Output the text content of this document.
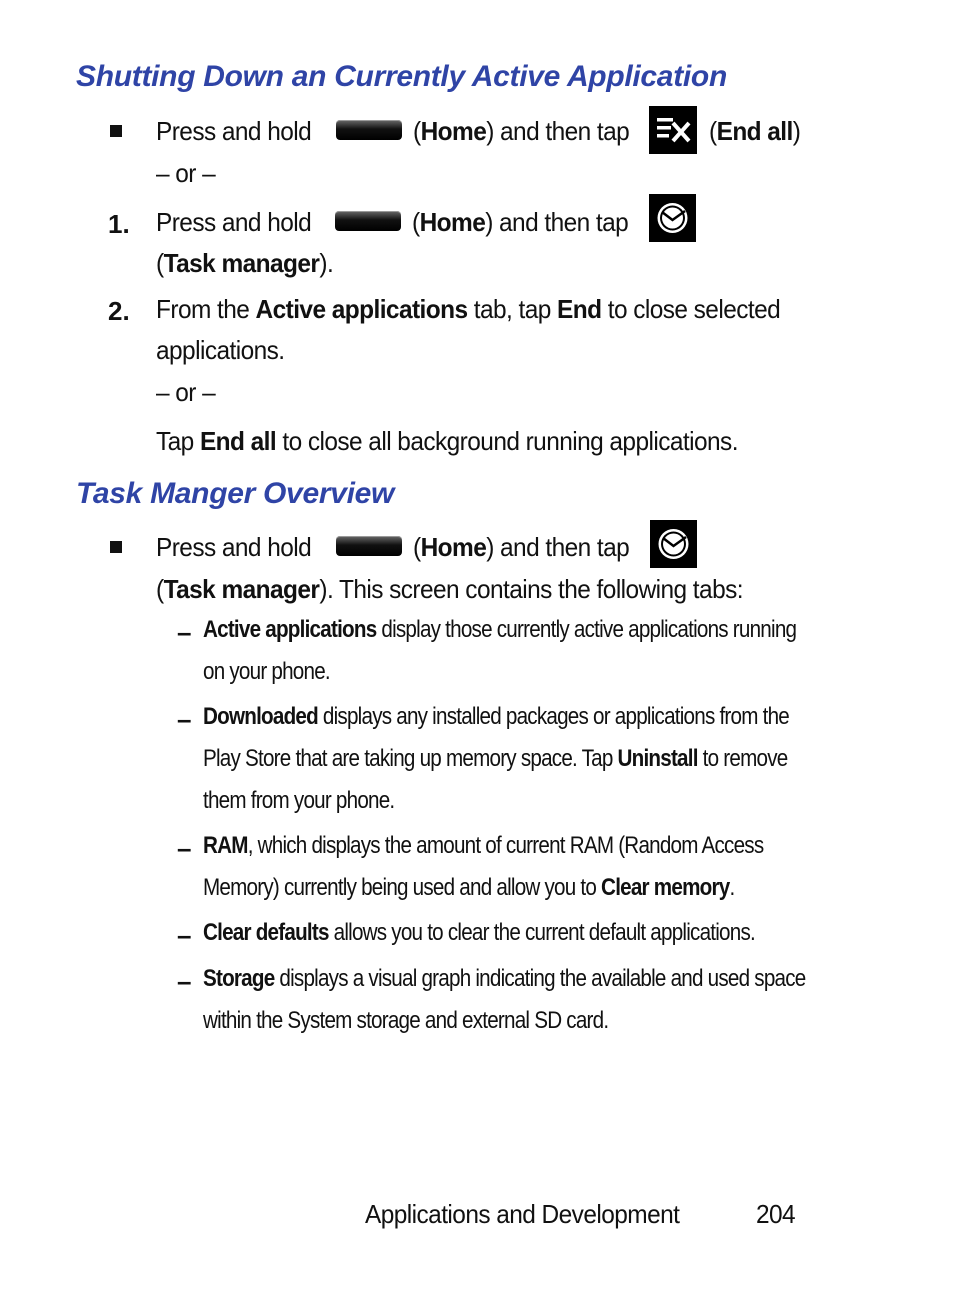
Shutting Down an Currently Active Application
Press and hold	(Home) and then tap	(End all)
– or –
1. Press and hold	(Home) and then tap
(Task manager).
2. From the Active applications tab, tap End to close selected
applications.
– or –
Tap End all to close all background running applications.
Task Manger Overview
Press and hold	(Home) and then tap
(Task manager). This screen contains the following tabs:
– Active applications display those currently active applications running
on your phone.
– Downloaded displays any installed packages or applications from the
Play Store that are taking up memory space. Tap Uninstall to remove
them from your phone.
– RAM, which displays the amount of current RAM (Random Access
Memory) currently being used and allow you to Clear memory.
– Clear defaults allows you to clear the current default applications.
– Storage displays a visual graph indicating the available and used space
within the System storage and external SD card.
Applications and Development	204
